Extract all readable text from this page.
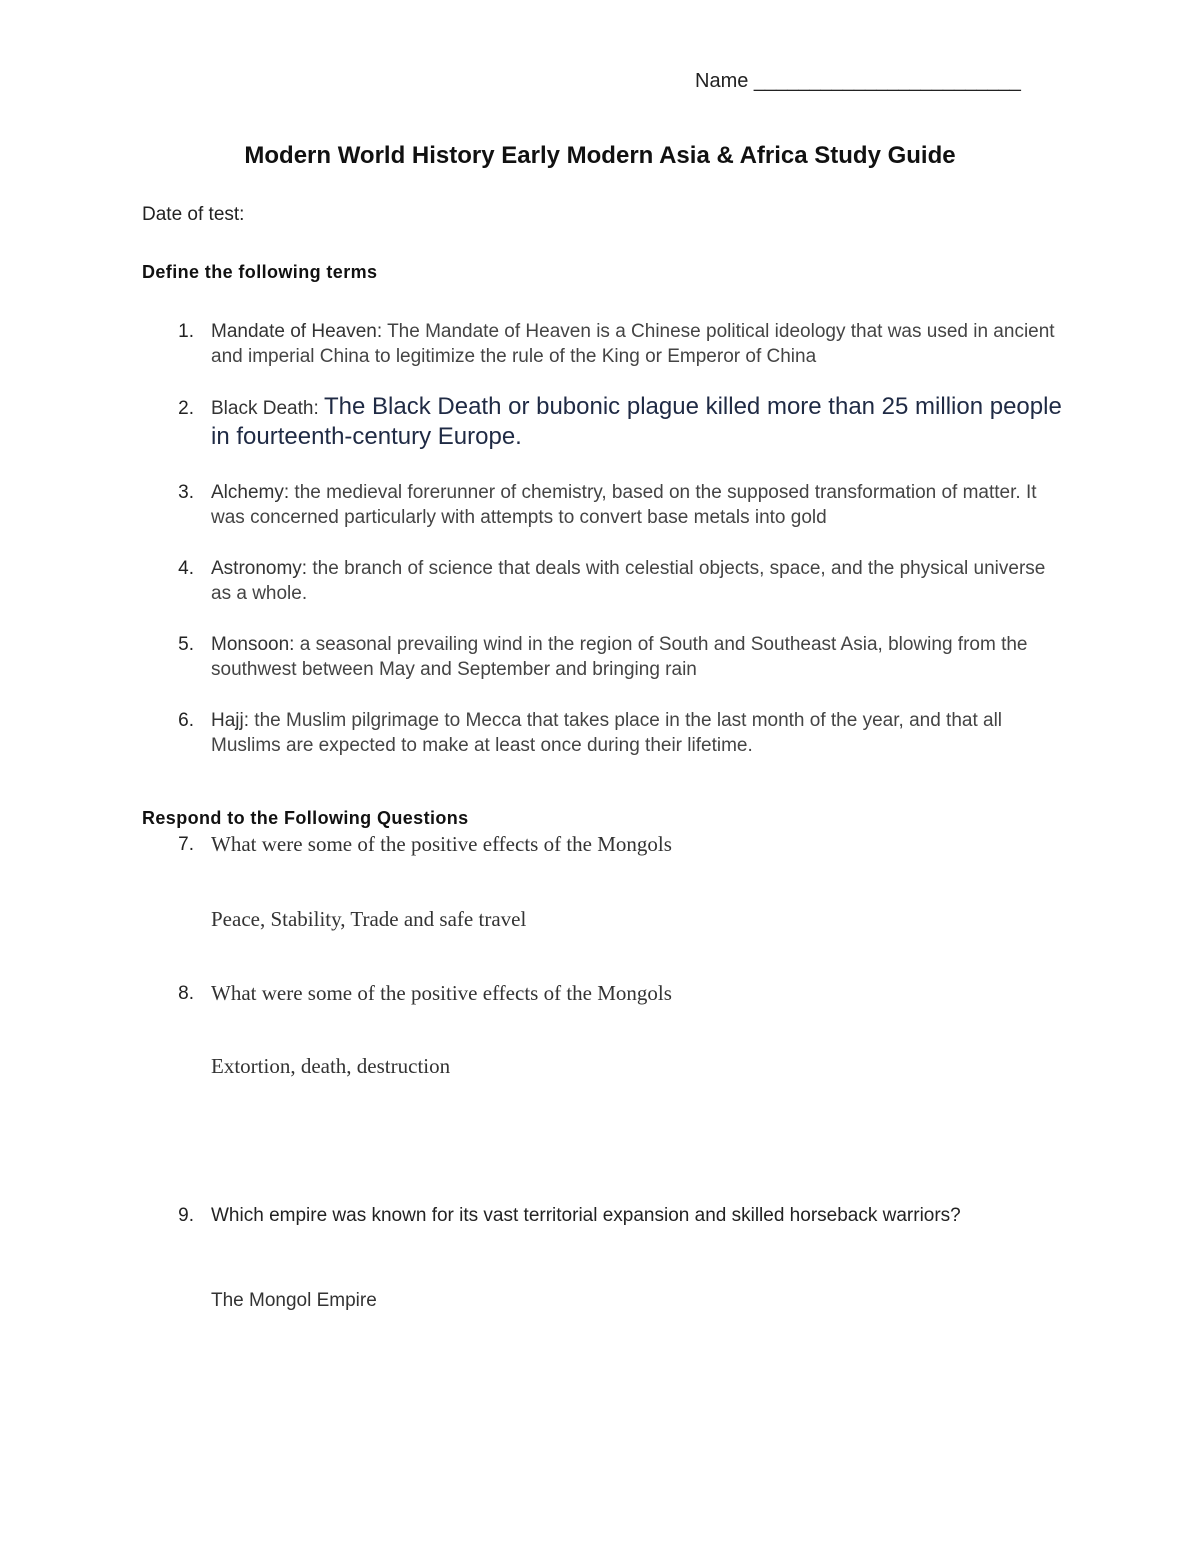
Name ________________________
Modern World History Early Modern Asia & Africa Study Guide
Date of test:
Define the following terms
1. Mandate of Heaven: The Mandate of Heaven is a Chinese political ideology that was used in ancient and imperial China to legitimize the rule of the King or Emperor of China
2. Black Death: The Black Death or bubonic plague killed more than 25 million people in fourteenth-century Europe.
3. Alchemy: the medieval forerunner of chemistry, based on the supposed transformation of matter. It was concerned particularly with attempts to convert base metals into gold
4. Astronomy: the branch of science that deals with celestial objects, space, and the physical universe as a whole.
5. Monsoon: a seasonal prevailing wind in the region of South and Southeast Asia, blowing from the southwest between May and September and bringing rain
6. Hajj: the Muslim pilgrimage to Mecca that takes place in the last month of the year, and that all Muslims are expected to make at least once during their lifetime.
Respond to the Following Questions
7. What were some of the positive effects of the Mongols
Peace, Stability, Trade and safe travel
8. What were some of the positive effects of the Mongols
Extortion, death, destruction
9. Which empire was known for its vast territorial expansion and skilled horseback warriors?
The Mongol Empire
